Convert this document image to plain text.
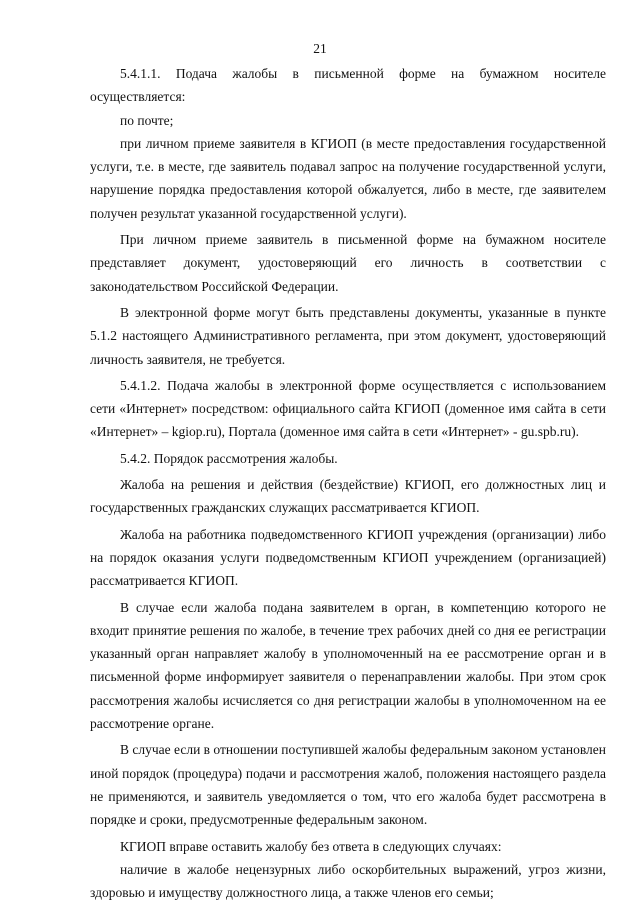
21

5.4.1.1. Подача жалобы в письменной форме на бумажном носителе осуществляется:

по почте;

при личном приеме заявителя в КГИОП (в месте предоставления государственной услуги, т.е. в месте, где заявитель подавал запрос на получение государственной услуги, нарушение порядка предоставления которой обжалуется, либо в месте, где заявителем получен результат указанной государственной услуги).

При личном приеме заявитель в письменной форме на бумажном носителе представляет документ, удостоверяющий его личность в соответствии с законодательством Российской Федерации.

В электронной форме могут быть представлены документы, указанные в пункте 5.1.2 настоящего Административного регламента, при этом документ, удостоверяющий личность заявителя, не требуется.

5.4.1.2. Подача жалобы в электронной форме осуществляется с использованием сети «Интернет» посредством: официального сайта КГИОП (доменное имя сайта в сети «Интернет» – kgiop.ru), Портала (доменное имя сайта в сети «Интернет» - gu.spb.ru).

5.4.2. Порядок рассмотрения жалобы.

Жалоба на решения и действия (бездействие) КГИОП, его должностных лиц и государственных гражданских служащих рассматривается КГИОП.

Жалоба на работника подведомственного КГИОП учреждения (организации) либо на порядок оказания услуги подведомственным КГИОП учреждением (организацией) рассматривается КГИОП.

В случае если жалоба подана заявителем в орган, в компетенцию которого не входит принятие решения по жалобе, в течение трех рабочих дней со дня ее регистрации указанный орган направляет жалобу в уполномоченный на ее рассмотрение орган и в письменной форме информирует заявителя о перенаправлении жалобы. При этом срок рассмотрения жалобы исчисляется со дня регистрации жалобы в уполномоченном на ее рассмотрение органе.

В случае если в отношении поступившей жалобы федеральным законом установлен иной порядок (процедура) подачи и рассмотрения жалоб, положения настоящего раздела не применяются, и заявитель уведомляется о том, что его жалоба будет рассмотрена в порядке и сроки, предусмотренные федеральным законом.

КГИОП вправе оставить жалобу без ответа в следующих случаях:

наличие в жалобе нецензурных либо оскорбительных выражений, угроз жизни, здоровью и имуществу должностного лица, а также членов его семьи;
